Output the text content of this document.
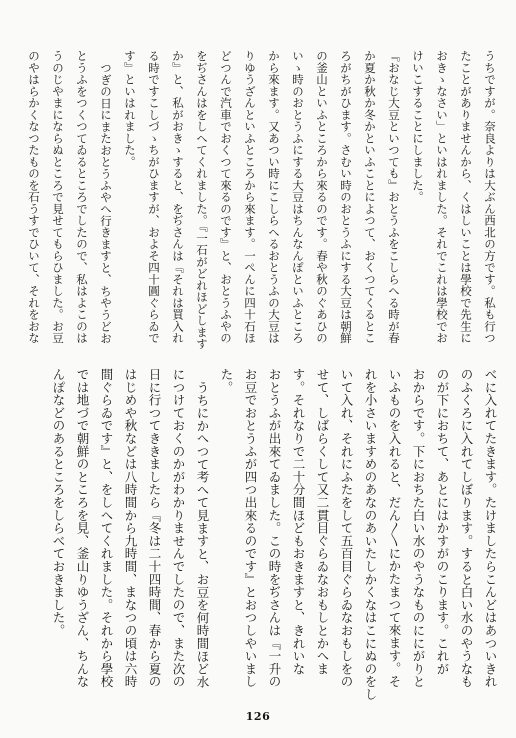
うちですが。奈良よりは大ぶん西北の方です。私も行つ
たことがありませんから、くはしいことは學校で先生に
おきゝなさい」といはれました。それでこれは學校でお
けいこすることにしました。
『おなじ大豆といつても』おとうふをこしらへる時が春
か夏か秋か冬かといふことによつて、おくつてくるとこ
ろがちがひます。さむい時のおとうふにする大豆は朝鮮
の釜山といふところから來るのです。春や秋のぐあひの
いゝ時のおとうふにする大豆はちんなんぽといふところ
から來ます。又あつい時にこしらへるおとうふの大豆は
りゆうざんといふところから來ます。一ぺんに四十石ほ
どつんで汽車でおくつて來るのです』と、おとうふやの
をぢさんはをしへてくれました。『一石がどれほどします
か』と、私がおきゝすると、をぢさんは『それは買入れ
る時ですこしづゝちがひますが、およそ四十圓ぐらゐで
す』といはれました。
つぎの日にまたおとうふやへ行きますと、ちやうどお
とうふをつくつてゐるところでしたので、私はよこのは
うのじやまにならぬところで見せてもらひました。お豆
のやはらかくなつたものを石うすでひいて、それをおな
べに入れてたきます。たけましたらこんどはあついきれ
のふくろに入れてしぼります。すると白い水のやうなも
のが下におちて、あとにはかすがのこります。これが
おからです。下におちた白い水のやうなものににがりと
いふものを入れると、だん〳〵にかたまつて來ます。そ
れを小さいますめのあなのあいたしかくなはこにぬのをし
いて入れ、それにふたをして五百目ぐらゐなおもしをの
せて、しばらくして又二貫目ぐらゐなおもしとかへま
す。それなりで二十分間ほどもおきますと、きれいな
おとうふが出來てゐました。この時をぢさんは『一升の
お豆でおとうふが四つ出來るのです』とおつしやいまし
た。
うちにかへつて考へて見ますと、お豆を何時間ほど水
につけておくのかがわかりませんでしたので、また次の
日に行つてききましたら『冬は二十四時間、春から夏の
はじめや秋などは八時間から九時間、まなつの頃は六時
間ぐらゐです』と、をしへてくれました。それから學校
では地づで朝鮮のところを見、釜山りゆうざん、ちんな
んぽなどのあるところをしらべておきました。
126
